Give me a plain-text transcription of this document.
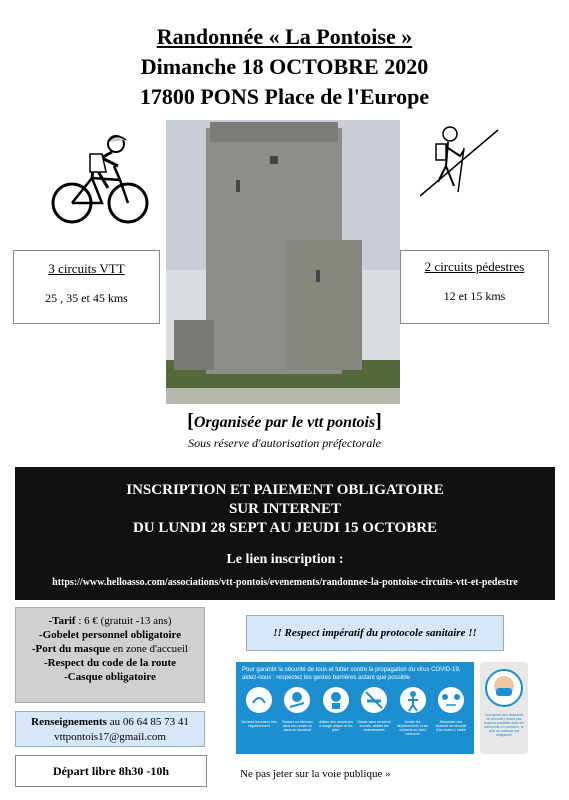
Randonnée « La Pontoise »
Dimanche 18 OCTOBRE 2020
17800 PONS Place de l'Europe
3 circuits VTT
25 , 35 et 45 kms
2 circuits pédestres
12 et 15 kms
[Organisée par le vtt pontois]
Sous réserve d'autorisation préfectorale
INSCRIPTION ET PAIEMENT OBLIGATOIRE
SUR INTERNET
DU LUNDI 28 SEPT AU JEUDI 15 OCTOBRE
Le lien inscription :
https://www.helloasso.com/associations/vtt-pontois/evenements/randonnee-la-pontoise-circuits-vtt-et-pedestre
-Tarif : 6 € (gratuit -13 ans)
-Gobelet personnel obligatoire
-Port du masque en zone d'accueil
-Respect du code de la route
-Casque obligatoire
Renseignements au 06 64 85 73 41
vttpontois17@gmail.com
Départ libre 8h30 -10h
!! Respect impératif du protocole sanitaire !!
Pour garantir la sécurité de tous et lutter contre la propagation du virus COVID-19, aidez-nous : respectez les gestes barrières autant que possible
Se laver les mains très régulièrement
Tousser ou éternuer dans son coude ou dans un mouchoir
Utiliser des mouchoirs à usage unique et les jeter
Saluer sans se serrer la main, arrêter les embrassades
Limiter les déplacements et les contacts au strict minimum
Respecter une distance de sécurité d'au moins 1 mètre
Là respect des distances de sécurité n'étant pas toujours possible dans les transports en commun, le port du masque est obligatoire
Ne pas jeter sur la voie publique »
